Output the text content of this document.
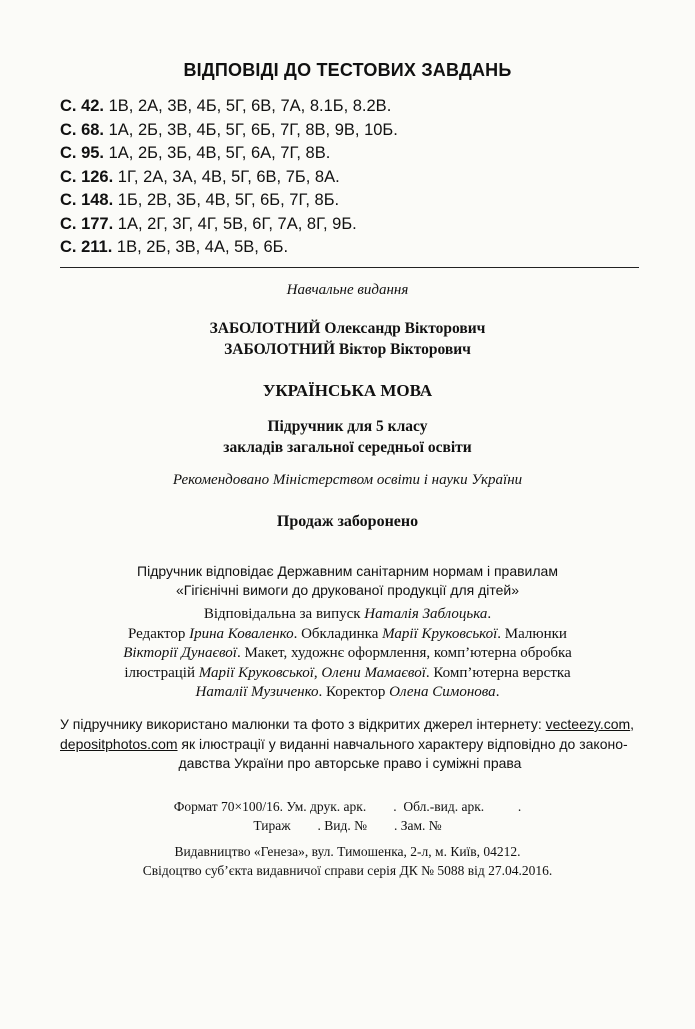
ВІДПОВІДІ ДО ТЕСТОВИХ ЗАВДАНЬ
С. 42. 1В, 2А, 3В, 4Б, 5Г, 6В, 7А, 8.1Б, 8.2В.
С. 68. 1А, 2Б, 3В, 4Б, 5Г, 6Б, 7Г, 8В, 9В, 10Б.
С. 95. 1А, 2Б, 3Б, 4В, 5Г, 6А, 7Г, 8В.
С. 126. 1Г, 2А, 3А, 4В, 5Г, 6В, 7Б, 8А.
С. 148. 1Б, 2В, 3Б, 4В, 5Г, 6Б, 7Г, 8Б.
С. 177. 1А, 2Г, 3Г, 4Г, 5В, 6Г, 7А, 8Г, 9Б.
С. 211. 1В, 2Б, 3В, 4А, 5В, 6Б.
Навчальне видання
ЗАБОЛОТНИЙ Олександр Вікторович
ЗАБОЛОТНИЙ Віктор Вікторович
УКРАЇНСЬКА МОВА
Підручник для 5 класу
закладів загальної середньої освіти
Рекомендовано Міністерством освіти і науки України
Продаж заборонено
Підручник відповідає Державним санітарним нормам і правилам
«Гігієнічні вимоги до друкованої продукції для дітей»
Відповідальна за випуск Наталія Заблоцька.
Редактор Ірина Коваленко. Обкладинка Марії Круковської. Малюнки
Вікторії Дунаєвої. Макет, художнє оформлення, комп’ютерна обробка
ілюстрацій Марії Круковської, Олени Мамаєвої. Комп’ютерна верстка
Наталії Музиченко. Коректор Олена Симонова.
У підручнику використано малюнки та фото з відкритих джерел інтернету: vecteezy.com,
depositphotos.com як ілюстрації у виданні навчального характеру відповідно до законо-
давства України про авторське право і суміжні права
Формат 70×100/16. Ум. друк. арк.        .  Обл.-вид. арк.          .
Тираж        . Вид. №        . Зам. №
Видавництво «Генеза», вул. Тимошенка, 2-л, м. Київ, 04212.
Свідоцтво суб’єкта видавничої справи серія ДК № 5088 від 27.04.2016.
